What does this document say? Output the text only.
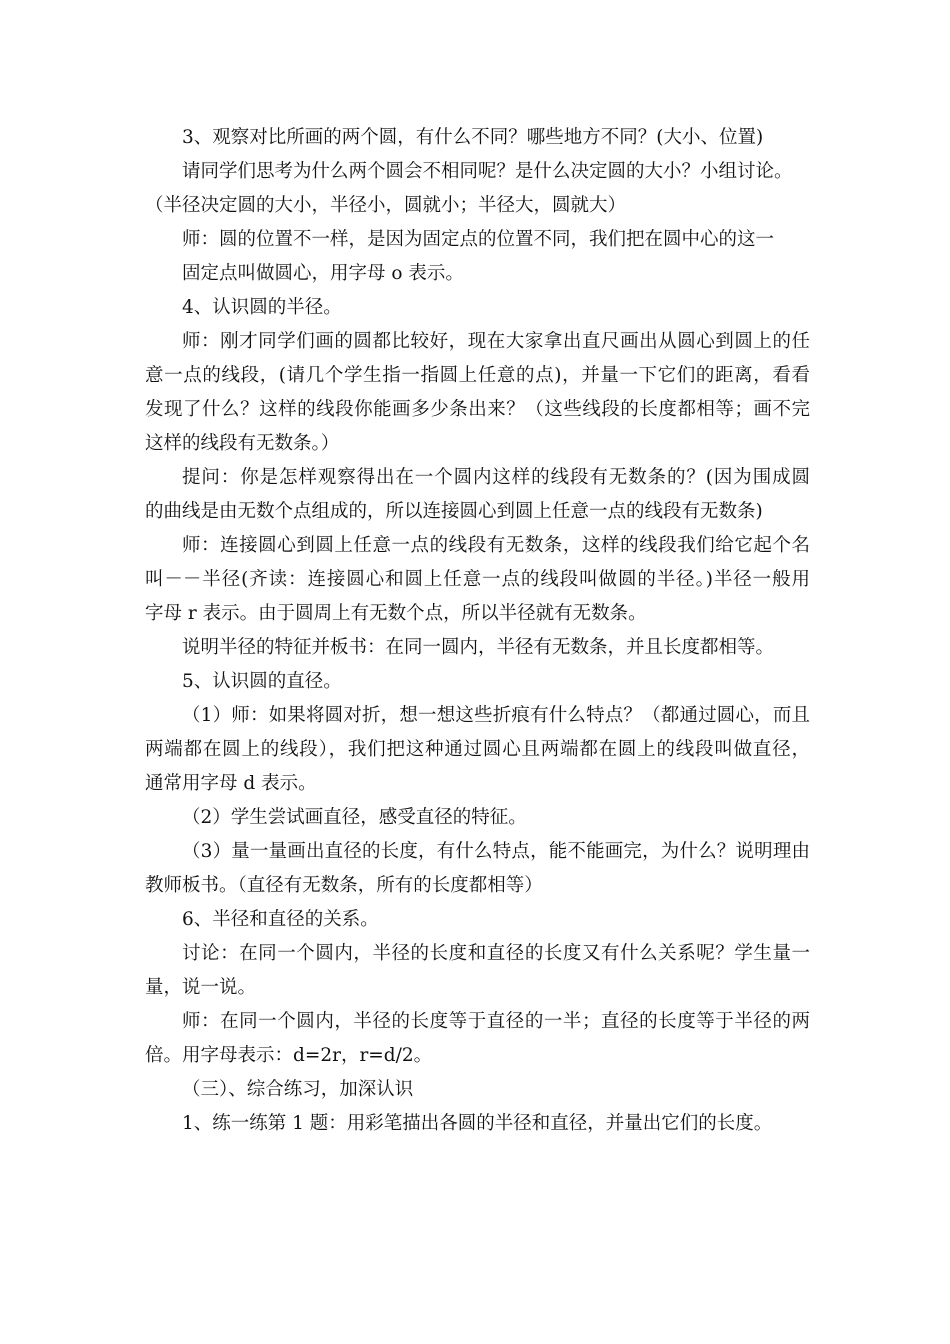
3、观察对比所画的两个圆，有什么不同？哪些地方不同？(大小、位置)
请同学们思考为什么两个圆会不相同呢？是什么决定圆的大小？小组讨论。
（半径决定圆的大小，半径小，圆就小；半径大，圆就大）
师：圆的位置不一样，是因为固定点的位置不同，我们把在圆中心的这一
固定点叫做圆心，用字母 o 表示。
4、认识圆的半径。
师：刚才同学们画的圆都比较好，现在大家拿出直尺画出从圆心到圆上的任
意一点的线段，(请几个学生指一指圆上任意的点)，并量一下它们的距离，看看
发现了什么？这样的线段你能画多少条出来？（这些线段的长度都相等；画不完
这样的线段有无数条。）
提问：你是怎样观察得出在一个圆内这样的线段有无数条的？(因为围成圆
的曲线是由无数个点组成的，所以连接圆心到圆上任意一点的线段有无数条)
师：连接圆心到圆上任意一点的线段有无数条，这样的线段我们给它起个名
叫－－半径(齐读：连接圆心和圆上任意一点的线段叫做圆的半径。)半径一般用
字母 r 表示。由于圆周上有无数个点，所以半径就有无数条。
说明半径的特征并板书：在同一圆内，半径有无数条，并且长度都相等。
5、认识圆的直径。
（1）师：如果将圆对折，想一想这些折痕有什么特点？（都通过圆心，而且
两端都在圆上的线段），我们把这种通过圆心且两端都在圆上的线段叫做直径，
通常用字母 d 表示。
（2）学生尝试画直径，感受直径的特征。
（3）量一量画出直径的长度，有什么特点，能不能画完，为什么？说明理由
教师板书。（直径有无数条，所有的长度都相等）
6、半径和直径的关系。
讨论：在同一个圆内，半径的长度和直径的长度又有什么关系呢？学生量一
量，说一说。
师：在同一个圆内，半径的长度等于直径的一半；直径的长度等于半径的两
倍。用字母表示：d=2r，r=d/2。
（三）、综合练习，加深认识
1、练一练第 1 题：用彩笔描出各圆的半径和直径，并量出它们的长度。
